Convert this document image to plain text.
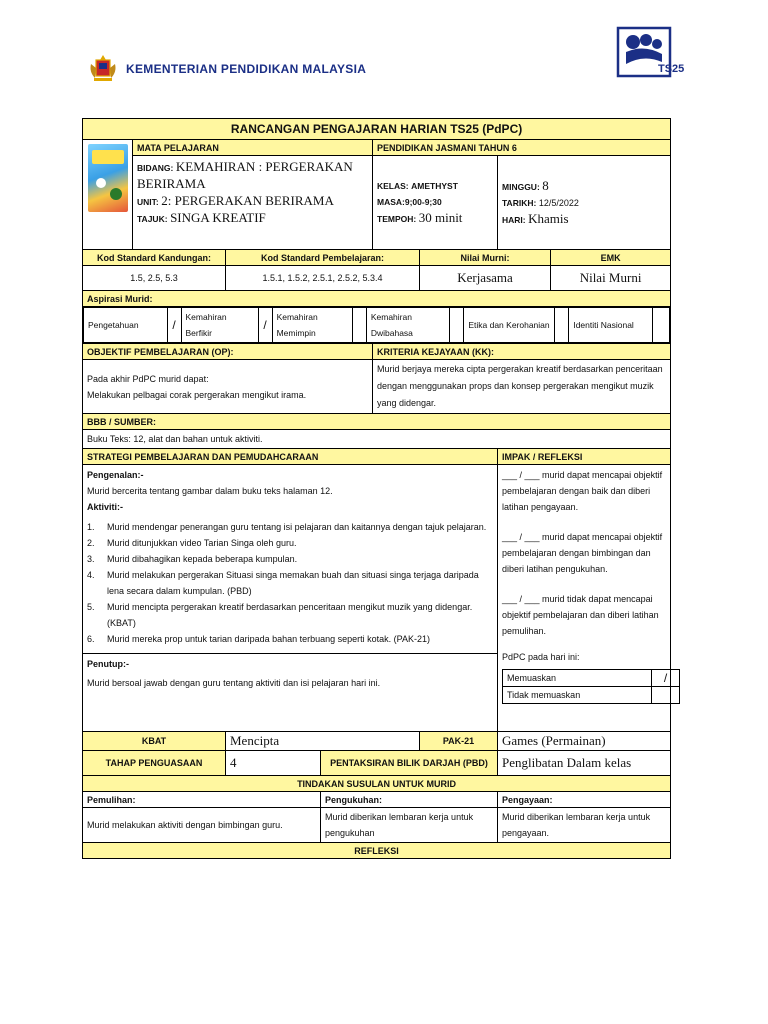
KEMENTERIAN PENDIDIKAN MALAYSIA	TS25
RANCANGAN PENGAJARAN HARIAN TS25 (PdPC)

	MATA PELAJARAN	PENDIDIKAN JASMANI TAHUN 6

BIDANG: KEMAHIRAN : PERGERAKAN BERIRAMA
UNIT: 2: PERGERAKAN BERIRAMA
TAJUK: SINGA KREATIF

KELAS: AMETHYST
MASA:9;00-9;30
TEMPOH: 30 minit

MINGGU: 8
TARIKH: 12/5/2022
HARI: Khamis

Kod Standard Kandungan:	Kod Standard Pembelajaran:	Nilai Murni:	EMK
1.5, 2.5, 5.3	1.5.1, 1.5.2, 2.5.1, 2.5.2, 5.3.4	Kerjasama	Nilai Murni
Aspirasi Murid:

Pengetahuan	/	Kemahiran Berfikir	/	Kemahiran Memimpin		Kemahiran Dwibahasa		Etika dan Kerohanian		Identiti Nasional	

OBJEKTIF PEMBELAJARAN (OP):	KRITERIA KEJAYAAN (KK):

Pada akhir PdPC murid dapat:
Melakukan pelbagai corak pergerakan mengikut irama.
	Murid berjaya mereka cipta pergerakan kreatif berdasarkan penceritaan dengan menggunakan props dan konsep pergerakan mengikut muzik yang didengar.
BBB / SUMBER:
Buku Teks: 12, alat dan bahan untuk aktiviti.
STRATEGI PEMBELAJARAN DAN PEMUDAHCARAAN	IMPAK / REFLEKSI

Pengenalan:-
Murid bercerita tentang gambar dalam buku teks halaman 12.
Aktiviti:-
1. Murid mendengar penerangan guru tentang isi pelajaran dan kaitannya dengan tajuk pelajaran.
2. Murid ditunjukkan video Tarian Singa oleh guru.
3. Murid dibahagikan kepada beberapa kumpulan.
4. Murid melakukan pergerakan Situasi singa memakan buah dan situasi singa terjaga daripada lena secara dalam kumpulan. (PBD)
5. Murid mencipta pergerakan kreatif berdasarkan penceritaan mengikut muzik yang didengar. (KBAT)
6. Murid mereka prop untuk tarian daripada bahan terbuang seperti kotak. (PAK-21)
Penutup:-
Murid bersoal jawab dengan guru tentang aktiviti dan isi pelajaran hari ini.

___ / ___ murid dapat mencapai objektif pembelajaran dengan baik dan diberi latihan pengayaan.

___ / ___ murid dapat mencapai objektif pembelajaran dengan bimbingan dan diberi latihan pengukuhan.

___ / ___ murid tidak dapat mencapai objektif pembelajaran dan diberi latihan pemulihan.

PdPC pada hari ini:

Memuaskan	/
Tidak memuaskan	

KBAT	Mencipta	PAK-21	Games (Permainan)
TAHAP PENGUASAAN	4	PENTAKSIRAN BILIK DARJAH (PBD)	Penglibatan Dalam kelas
TINDAKAN SUSULAN UNTUK MURID
Pemulihan:	Pengukuhan:	Pengayaan:
Murid melakukan aktiviti dengan bimbingan guru.	Murid diberikan lembaran kerja untuk pengukuhan	Murid diberikan lembaran kerja untuk pengayaan.
REFLEKSI
